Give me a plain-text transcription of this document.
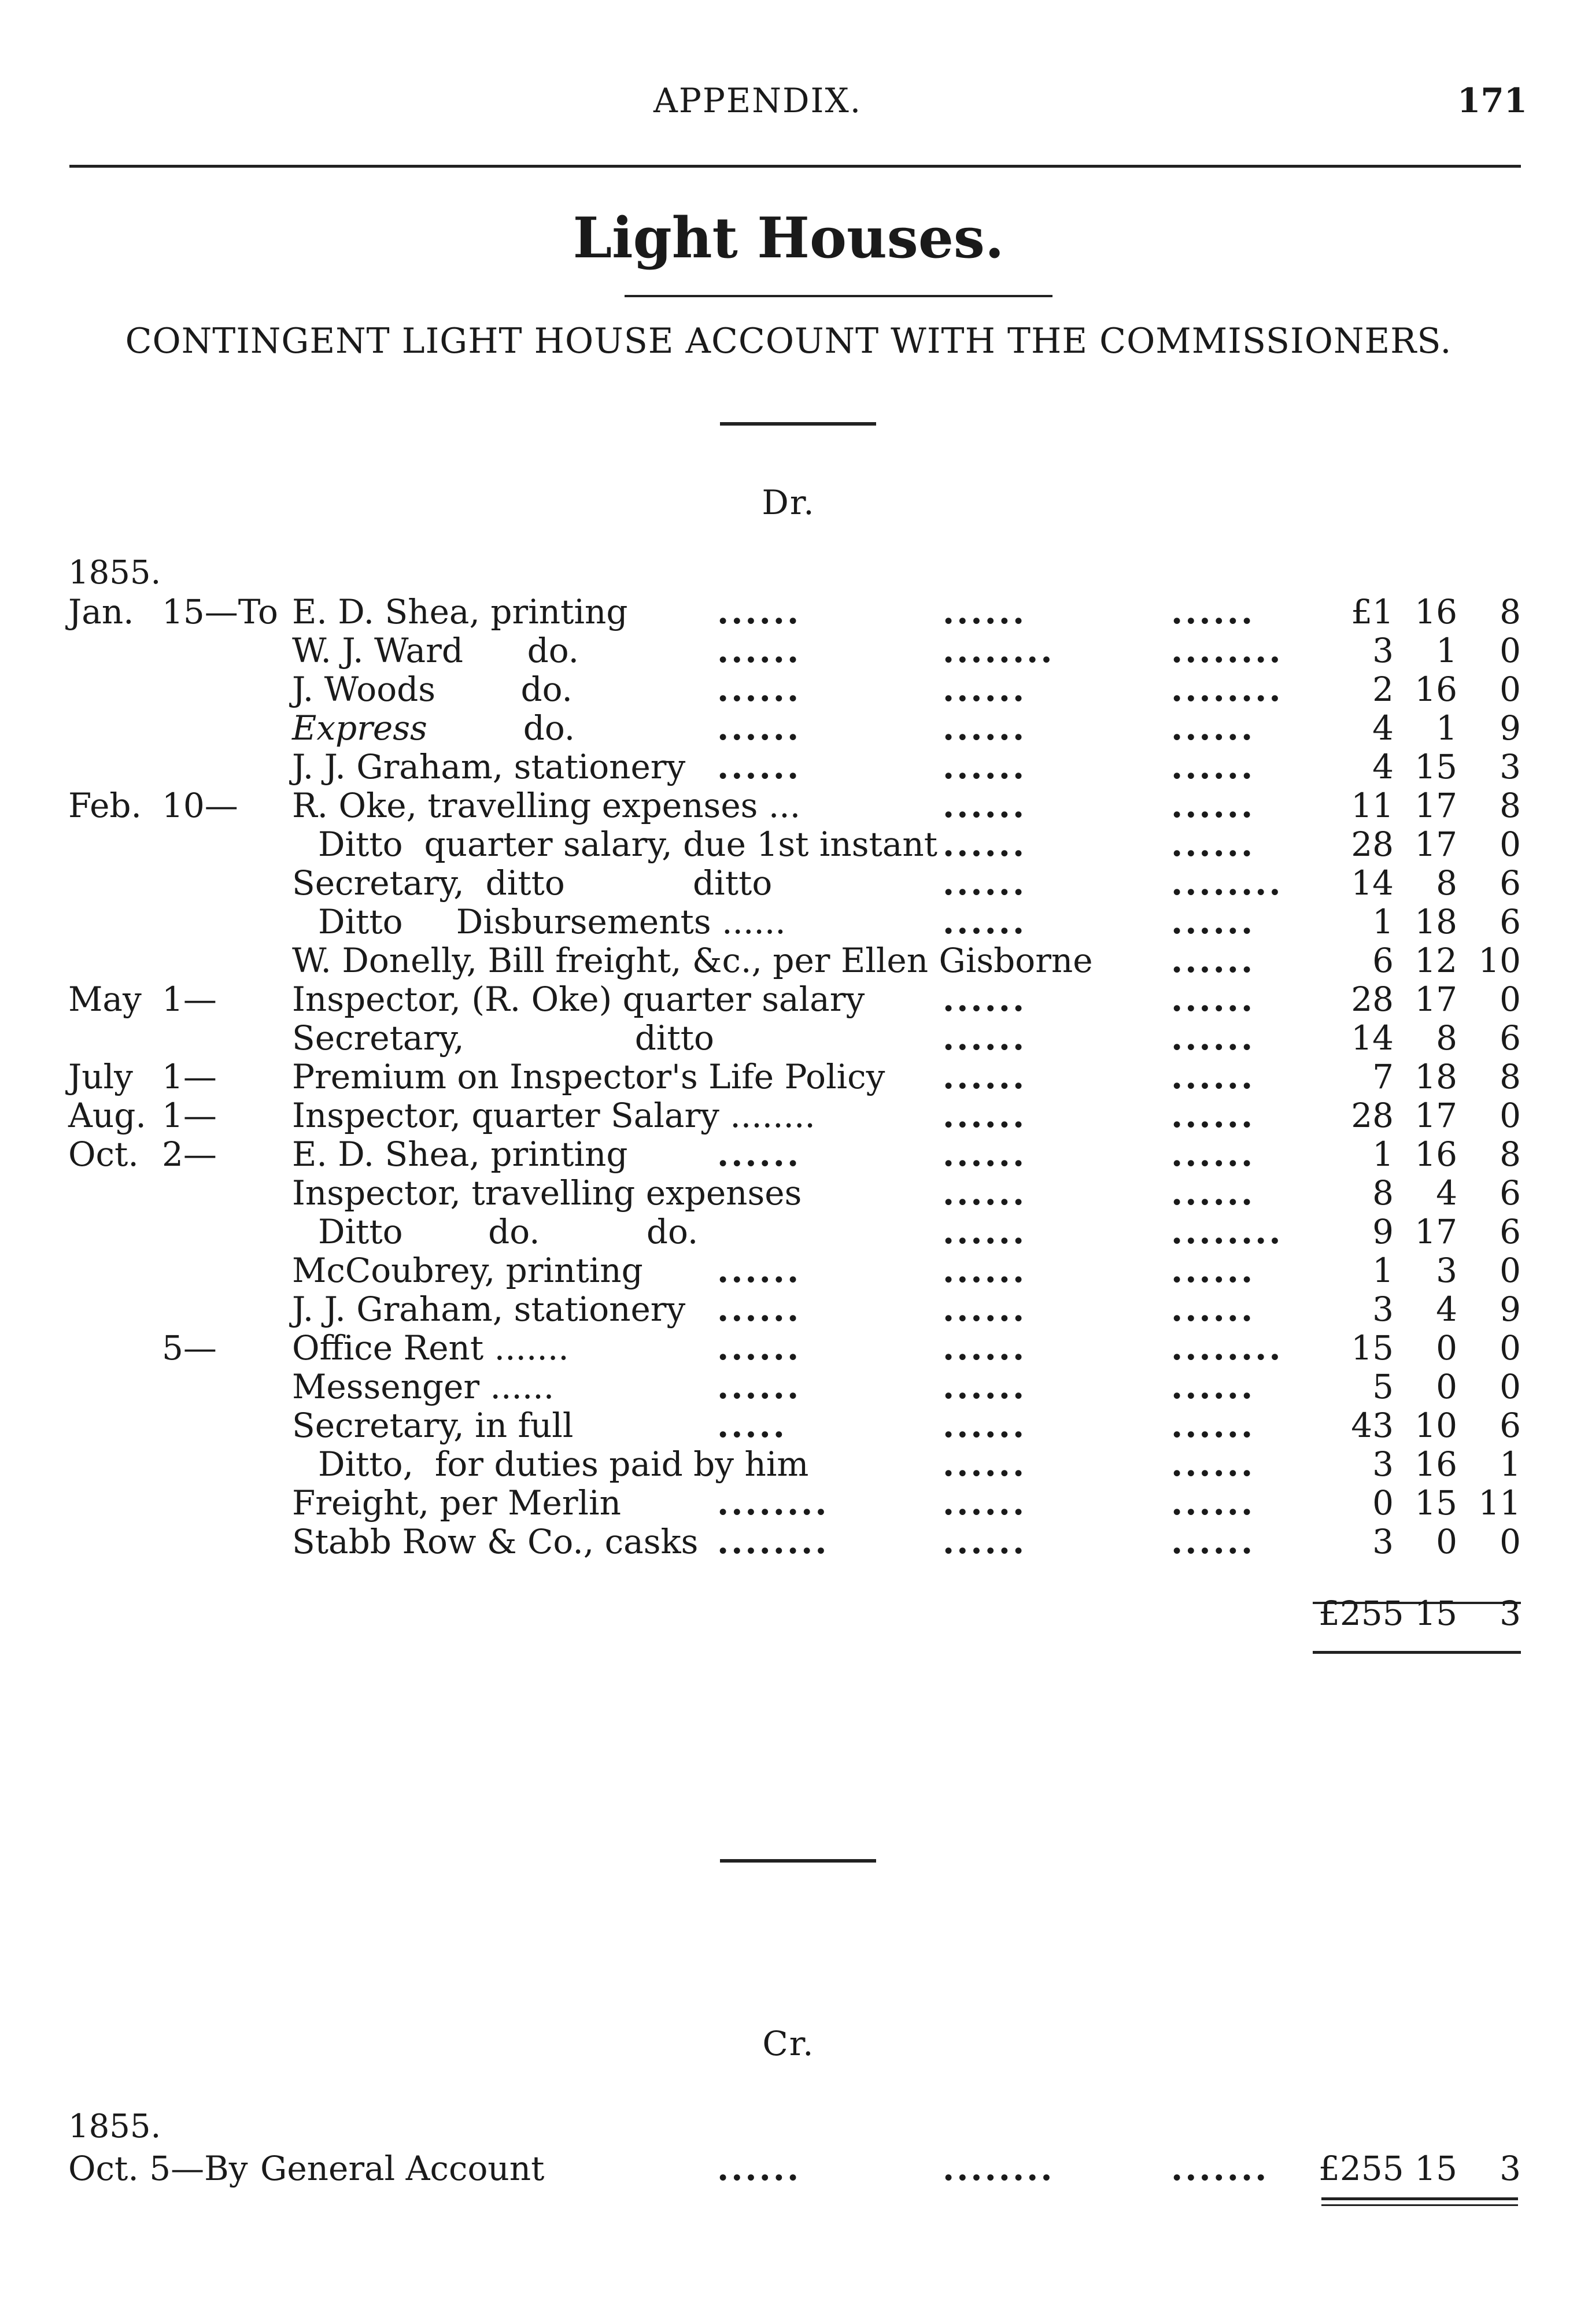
APPENDIX.	171
Light Houses.
CONTINGENT LIGHT HOUSE ACCOUNT WITH THE COMMISSIONERS.
Dr.
1855.
Jan. 15—To E. D. Shea, printing	......	......	......	£1 16	8
W. J. Ward      do.	......	........	........	3	1	0
J. Woods        do.	......	......	........	2 16	0
Express         do.	......	......	......	4	1	9
J. J. Graham, stationery ......	......	......	4 15	3
Feb. 10— R. Oke, travelling expenses ...	......	......	11 17	8
Ditto  quarter salary, due 1st instant ......	......	28 17	0
Secretary,  ditto            ditto	......	........	14	8	6
Ditto     Disbursements ......	......	......	1 18	6
W. Donelly, Bill freight, &c., per Ellen Gisborne ......	6 12 10
May 1— Inspector, (R. Oke) quarter salary ......	......	28 17	0
Secretary,                ditto	......	......	14	8	6
July 1— Premium on Inspector's Life Policy ......	......	7 18	8
Aug. 1— Inspector, quarter Salary ........	......	......	28 17	0
Oct. 2— E. D. Shea, printing	......	......	......	1 16	8
Inspector, travelling expenses	......	......	8	4	6
Ditto        do.          do.	......	........	9 17	6
McCoubrey, printing ......	......	......	1	3	0
J. J. Graham, stationery ......	......	......	3	4	9
5— Office Rent .......	......	......	........	15	0	0
Messenger ......	......	......	......	5	0	0
Secretary, in full	.....	......	......	43 10	6
Ditto,  for duties paid by him	......	......	3 16	1
Freight, per Merlin	........	......	......	0 15 11
Stabb Row & Co., casks ........	......	......	3	0	0
£255 15	3
Cr.
1855.
Oct. 5—By General Account	......	........	....... £255 15	3
